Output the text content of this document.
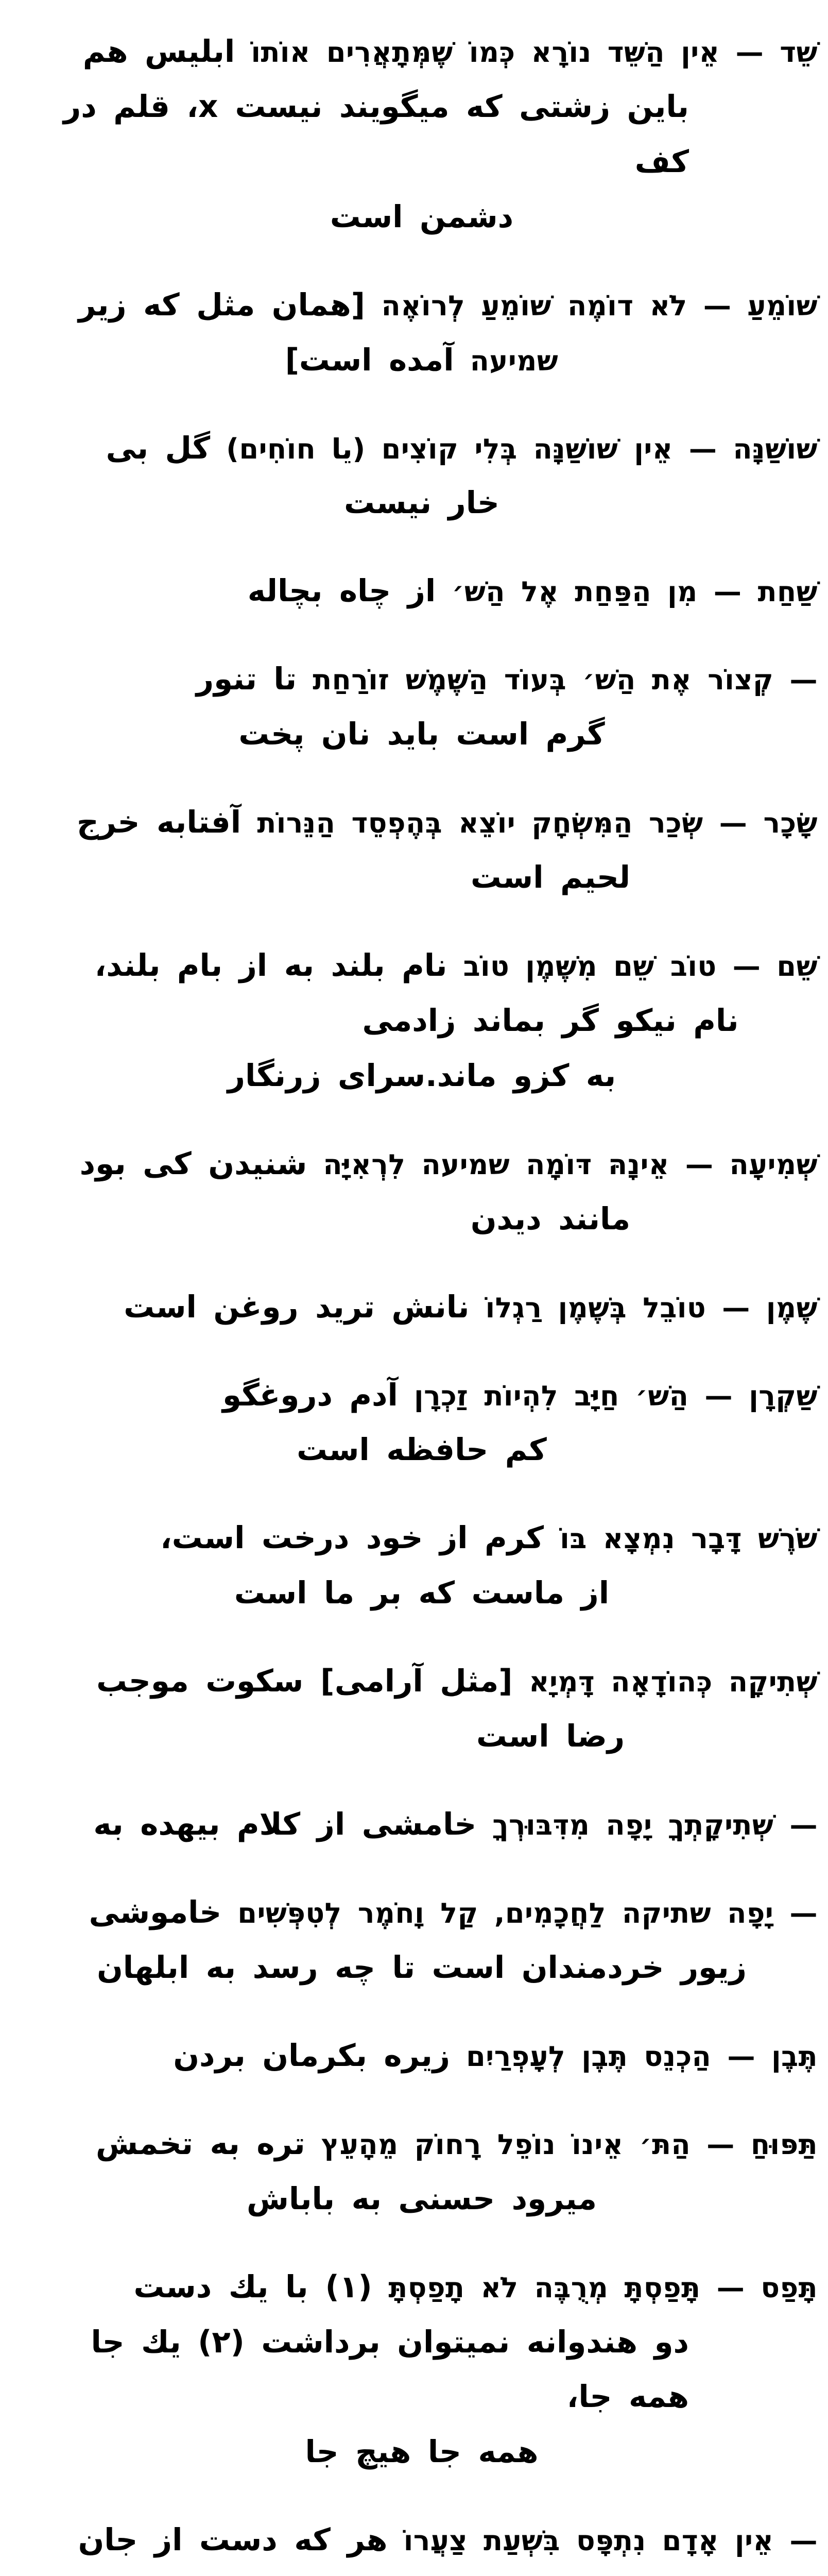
שֵׁד — אֵין הַשֵּׁד נוֹרָא כְּמוֹ שֶׁמְּתָאֲרִים אוֹתוֹ ابليس هم
باين زشتى كه ميگويند نيست x، قلم در كف
دشمن است
שׁוֹמֵעַ — לֹא דוֹמֶה שׁוֹמֵעַ לְרוֹאֶה [همان مثل كه زير
שמיעה آمده است]
שׁוֹשַׁנָּה — אֵין שׁוֹשַׁנָּה בְּלִי קוֹצִים (يا חוֹחִים) گل بى
خار نيست
שַׁחַת — מִן הַפַּחַת אֶל הַשׁ׳ از چاه بچاله
— קְצוֹר אֶת הַשׁ׳ בְּעוֹד הַשֶּׁמֶשׁ זוֹרַחַת تا تنور
گرم است بايد نان پخت
שָׂכָר — שְׂכַר הַמִּשְׂחָק יוֹצֵא בְּהֶפְסֵד הַנֵּרוֹת آفتابه خرج
لحيم است
שֵׁם — טוֹב שֵׁם מִשֶּׁמֶן טוֹב نام بلند به از بام بلند،
نام نيكو گر بماند زادمى
به كزو ماند.سراى زرنگار
שְׁמִיעָה — אֵינָהּ דּוֹמָה שמיעה לִרְאִיָּה شنيدن كى بود
مانند ديدن
שֶׁמֶן — טוֹבֵל בְּשֶׁמֶן רַגְלוֹ نانش تريد روغن است
שַׁקְרָן — הַשׁ׳ חַיָּב לִהְיוֹת זַכְרָן آدم دروغگو
كم حافظه است
שֹׁרֶשׁ דָּבָר נִמְצָא בּוֹ كرم از خود درخت است،
از ماست كه بر ما است
שְׁתִיקָה כְּהוֹדָאָה דָּמְיָא [مثل آرامى] سكوت موجب
رضا است
— שְׁתִיקָתְךָ יָפָה מִדִּבּוּרְךָ خامشى از كلام بيهده به
— יָפָה שתיקה לַחֲכָמִים, קַל וָחֹמֶר לְטִפְּשִׁים خاموشى
زيور خردمندان است تا چه رسد به ابلهان
תֶּבֶן — הַכְנֵס תֶּבֶן לְעָפְרַיִם زيره بكرمان بردن
תַּפּוּחַ — הַתּ׳ אֵינוֹ נוֹפֵל רָחוֹק מֵהָעֵץ تره به تخمش
ميرود حسنى به باباش
תָּפַס — תָּפַסְתָּ מְרֻבֶּה לֹא תָפַסְתָּ (۱) با يك دست
دو هندوانه نميتوان برداشت (۲) يك جا همه جا،
همه جا هيچ جا
— אֵין אָדָם נִתְפָּס בִּשְׁעַת צַעֲרוֹ هر كه دست از جان
